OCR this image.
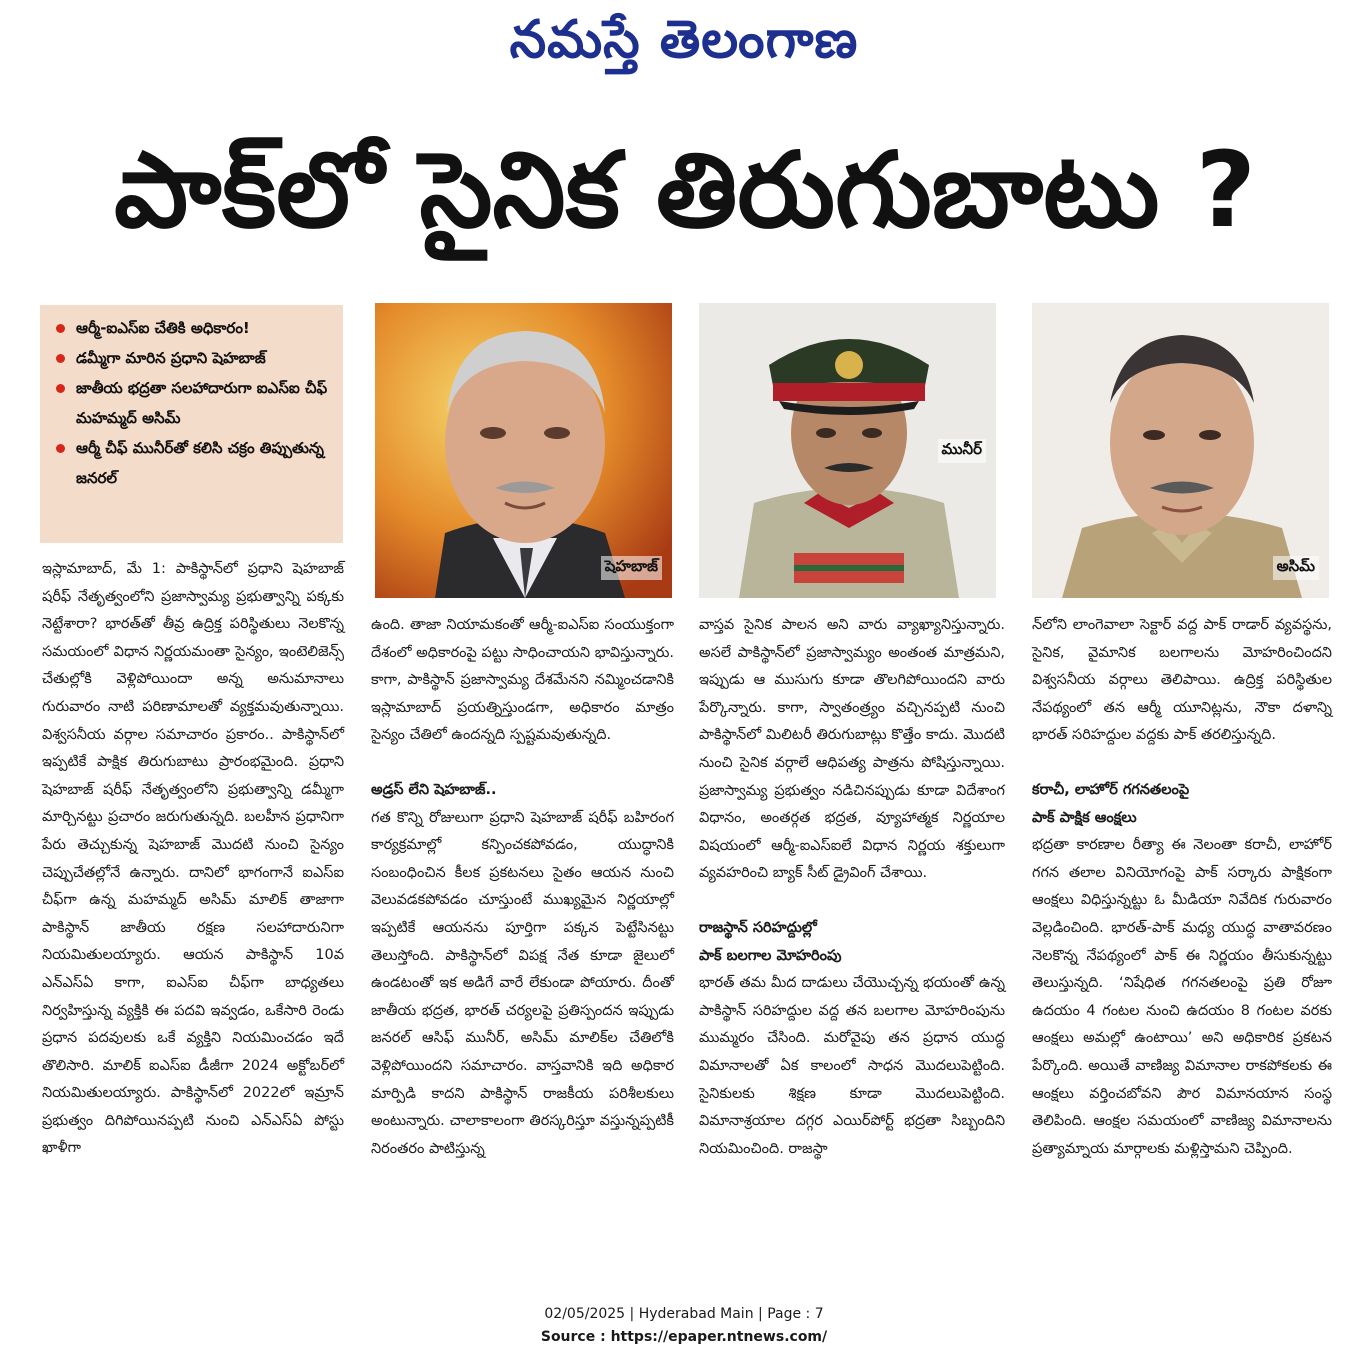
నమస్తే తెలంగాణ
పాక్‌లో సైనిక తిరుగుబాటు ?
ఆర్మీ-ఐఎస్‌ఐ చేతికి అధికారం!
డమ్మీగా మారిన ప్రధాని షెహబాజ్
జాతీయ భద్రతా సలహాదారుగా ఐఎస్‌ఐ చీఫ్ మహమ్మద్ అసిమ్
ఆర్మీ చీఫ్ మునీర్‌తో కలిసి చక్రం తిప్పుతున్న జనరల్
షెహబాజ్
మునీర్
అసిమ్

ఇస్లామాబాద్, మే 1: పాకిస్థాన్‌లో ప్రధాని షెహబాజ్ షరీఫ్ నేతృత్వంలోని ప్రజాస్వామ్య ప్రభుత్వాన్ని పక్కకు నెట్టేశారా? భారత్‌తో తీవ్ర ఉద్రిక్త పరిస్థితులు నెలకొన్న సమయంలో విధాన నిర్ణయమంతా సైన్యం, ఇంటెలిజెన్స్ చేతుల్లోకి వెళ్లిపోయిందా అన్న అనుమానాలు గురువారం నాటి పరిణామాలతో వ్యక్తమవుతున్నాయి. విశ్వసనీయ వర్గాల సమాచారం ప్రకారం.. పాకిస్థాన్‌లో ఇప్పటికే పాక్షిక తిరుగుబాటు ప్రారంభమైంది. ప్రధాని షెహబాజ్ షరీఫ్ నేతృత్వంలోని ప్రభుత్వాన్ని డమ్మీగా మార్చినట్టు ప్రచారం జరుగుతున్నది. బలహీన ప్రధానిగా పేరు తెచ్చుకున్న షెహబాజ్ మొదటి నుంచి సైన్యం చెప్పుచేతల్లోనే ఉన్నారు. దానిలో భాగంగానే ఐఎస్‌ఐ చీఫ్‌గా ఉన్న మహమ్మద్ అసిమ్ మాలిక్ తాజాగా పాకిస్థాన్ జాతీయ రక్షణ సలహాదారునిగా నియమితులయ్యారు. ఆయన పాకిస్థాన్ 10వ ఎన్‌ఎస్‌ఏ కాగా, ఐఎస్‌ఐ చీఫ్‌గా బాధ్యతలు నిర్వహిస్తున్న వ్యక్తికి ఈ పదవి ఇవ్వడం, ఒకేసారి రెండు ప్రధాన పదవులకు ఒకే వ్యక్తిని నియమించడం ఇదే తొలిసారి. మాలిక్ ఐఎస్‌ఐ డీజీగా 2024 అక్టోబర్‌లో నియమితులయ్యారు. పాకిస్థాన్‌లో 2022లో ఇమ్రాన్ ప్రభుత్వం దిగిపోయినప్పటి నుంచి ఎన్‌ఎస్‌ఏ పోస్టు ఖాళీగా

ఉంది. తాజా నియామకంతో ఆర్మీ-ఐఎస్‌ఐ సంయుక్తంగా దేశంలో అధికారంపై పట్టు సాధించాయని భావిస్తున్నారు. కాగా, పాకిస్థాన్ ప్రజాస్వామ్య దేశమేనని నమ్మించడానికి ఇస్లామాబాద్ ప్రయత్నిస్తుండగా, అధికారం మాత్రం సైన్యం చేతిలో ఉందన్నది స్పష్టమవుతున్నది.

అడ్రస్ లేని షెహబాజ్..

గత కొన్ని రోజులుగా ప్రధాని షెహబాజ్ షరీఫ్ బహిరంగ కార్యక్రమాల్లో కన్పించకపోవడం, యుద్ధానికి సంబంధించిన కీలక ప్రకటనలు సైతం ఆయన నుంచి వెలువడకపోవడం చూస్తుంటే ముఖ్యమైన నిర్ణయాల్లో ఇప్పటికే ఆయనను పూర్తిగా పక్కన పెట్టేసినట్టు తెలుస్తోంది. పాకిస్థాన్‌లో విపక్ష నేత కూడా జైలులో ఉండటంతో ఇక అడిగే వారే లేకుండా పోయారు. దీంతో జాతీయ భద్రత, భారత్ చర్యలపై ప్రతిస్పందన ఇప్పుడు జనరల్ ఆసిఫ్ మునీర్, అసిమ్ మాలిక్‌ల చేతిలోకి వెళ్లిపోయిందని సమాచారం. వాస్తవానికి ఇది అధికార మార్పిడి కాదని పాకిస్థాన్ రాజకీయ పరిశీలకులు అంటున్నారు. చాలాకాలంగా తిరస్కరిస్తూ వస్తున్నప్పటికీ నిరంతరం పాటిస్తున్న

వాస్తవ సైనిక పాలన అని వారు వ్యాఖ్యానిస్తున్నారు. అసలే పాకిస్థాన్‌లో ప్రజాస్వామ్యం అంతంత మాత్రమని, ఇప్పుడు ఆ ముసుగు కూడా తొలగిపోయిందని వారు పేర్కొన్నారు. కాగా, స్వాతంత్ర్యం వచ్చినప్పటి నుంచి పాకిస్థాన్‌లో మిలిటరీ తిరుగుబాట్లు కొత్తేం కాదు. మొదటి నుంచి సైనిక వర్గాలే ఆధిపత్య పాత్రను పోషిస్తున్నాయి. ప్రజాస్వామ్య ప్రభుత్వం నడిచినప్పుడు కూడా విదేశాంగ విధానం, అంతర్గత భద్రత, వ్యూహాత్మక నిర్ణయాల విషయంలో ఆర్మీ-ఐఎస్‌ఐలే విధాన నిర్ణయ శక్తులుగా వ్యవహరించి బ్యాక్ సీట్ డ్రైవింగ్ చేశాయి.

రాజస్థాన్ సరిహద్దుల్లో

పాక్ బలగాల మోహరింపు

భారత్ తమ మీద దాడులు చేయొచ్చన్న భయంతో ఉన్న పాకిస్థాన్ సరిహద్దుల వద్ద తన బలగాల మోహరింపును ముమ్మరం చేసింది. మరోవైపు తన ప్రధాన యుద్ధ విమానాలతో ఏక కాలంలో సాధన మొదలుపెట్టింది. సైనికులకు శిక్షణ కూడా మొదలుపెట్టింది. విమానాశ్రయాల దగ్గర ఎయిర్‌పోర్ట్ భద్రతా సిబ్బందిని నియమించింది. రాజస్థా

న్‌లోని లాంగెవాలా సెక్టార్ వద్ద పాక్ రాడార్ వ్యవస్థను, సైనిక, వైమానిక బలగాలను మోహరించిందని విశ్వసనీయ వర్గాలు తెలిపాయి. ఉద్రిక్త పరిస్థితుల నేపథ్యంలో తన ఆర్మీ యూనిట్లను, నౌకా దళాన్ని భారత్ సరిహద్దుల వద్దకు పాక్ తరలిస్తున్నది.

కరాచీ, లాహోర్ గగనతలంపై

పాక్ పాక్షిక ఆంక్షలు

భద్రతా కారణాల రీత్యా ఈ నెలంతా కరాచీ, లాహోర్ గగన తలాల వినియోగంపై పాక్ సర్కారు పాక్షికంగా ఆంక్షలు విధిస్తున్నట్టు ఓ మీడియా నివేదిక గురువారం వెల్లడించింది. భారత్-పాక్ మధ్య యుద్ధ వాతావరణం నెలకొన్న నేపథ్యంలో పాక్ ఈ నిర్ణయం తీసుకున్నట్టు తెలుస్తున్నది. ‘నిషేధిత గగనతలంపై ప్రతి రోజూ ఉదయం 4 గంటల నుంచి ఉదయం 8 గంటల వరకు ఆంక్షలు అమల్లో ఉంటాయి’ అని అధికారిక ప్రకటన పేర్కొంది. అయితే వాణిజ్య విమానాల రాకపోకలకు ఈ ఆంక్షలు వర్తించబోవని పౌర విమానయాన సంస్థ తెలిపింది. ఆంక్షల సమయంలో వాణిజ్య విమానాలను ప్రత్యామ్నాయ మార్గాలకు మళ్లిస్తామని చెప్పింది.

02/05/2025 | Hyderabad Main | Page : 7
Source : https://epaper.ntnews.com/
